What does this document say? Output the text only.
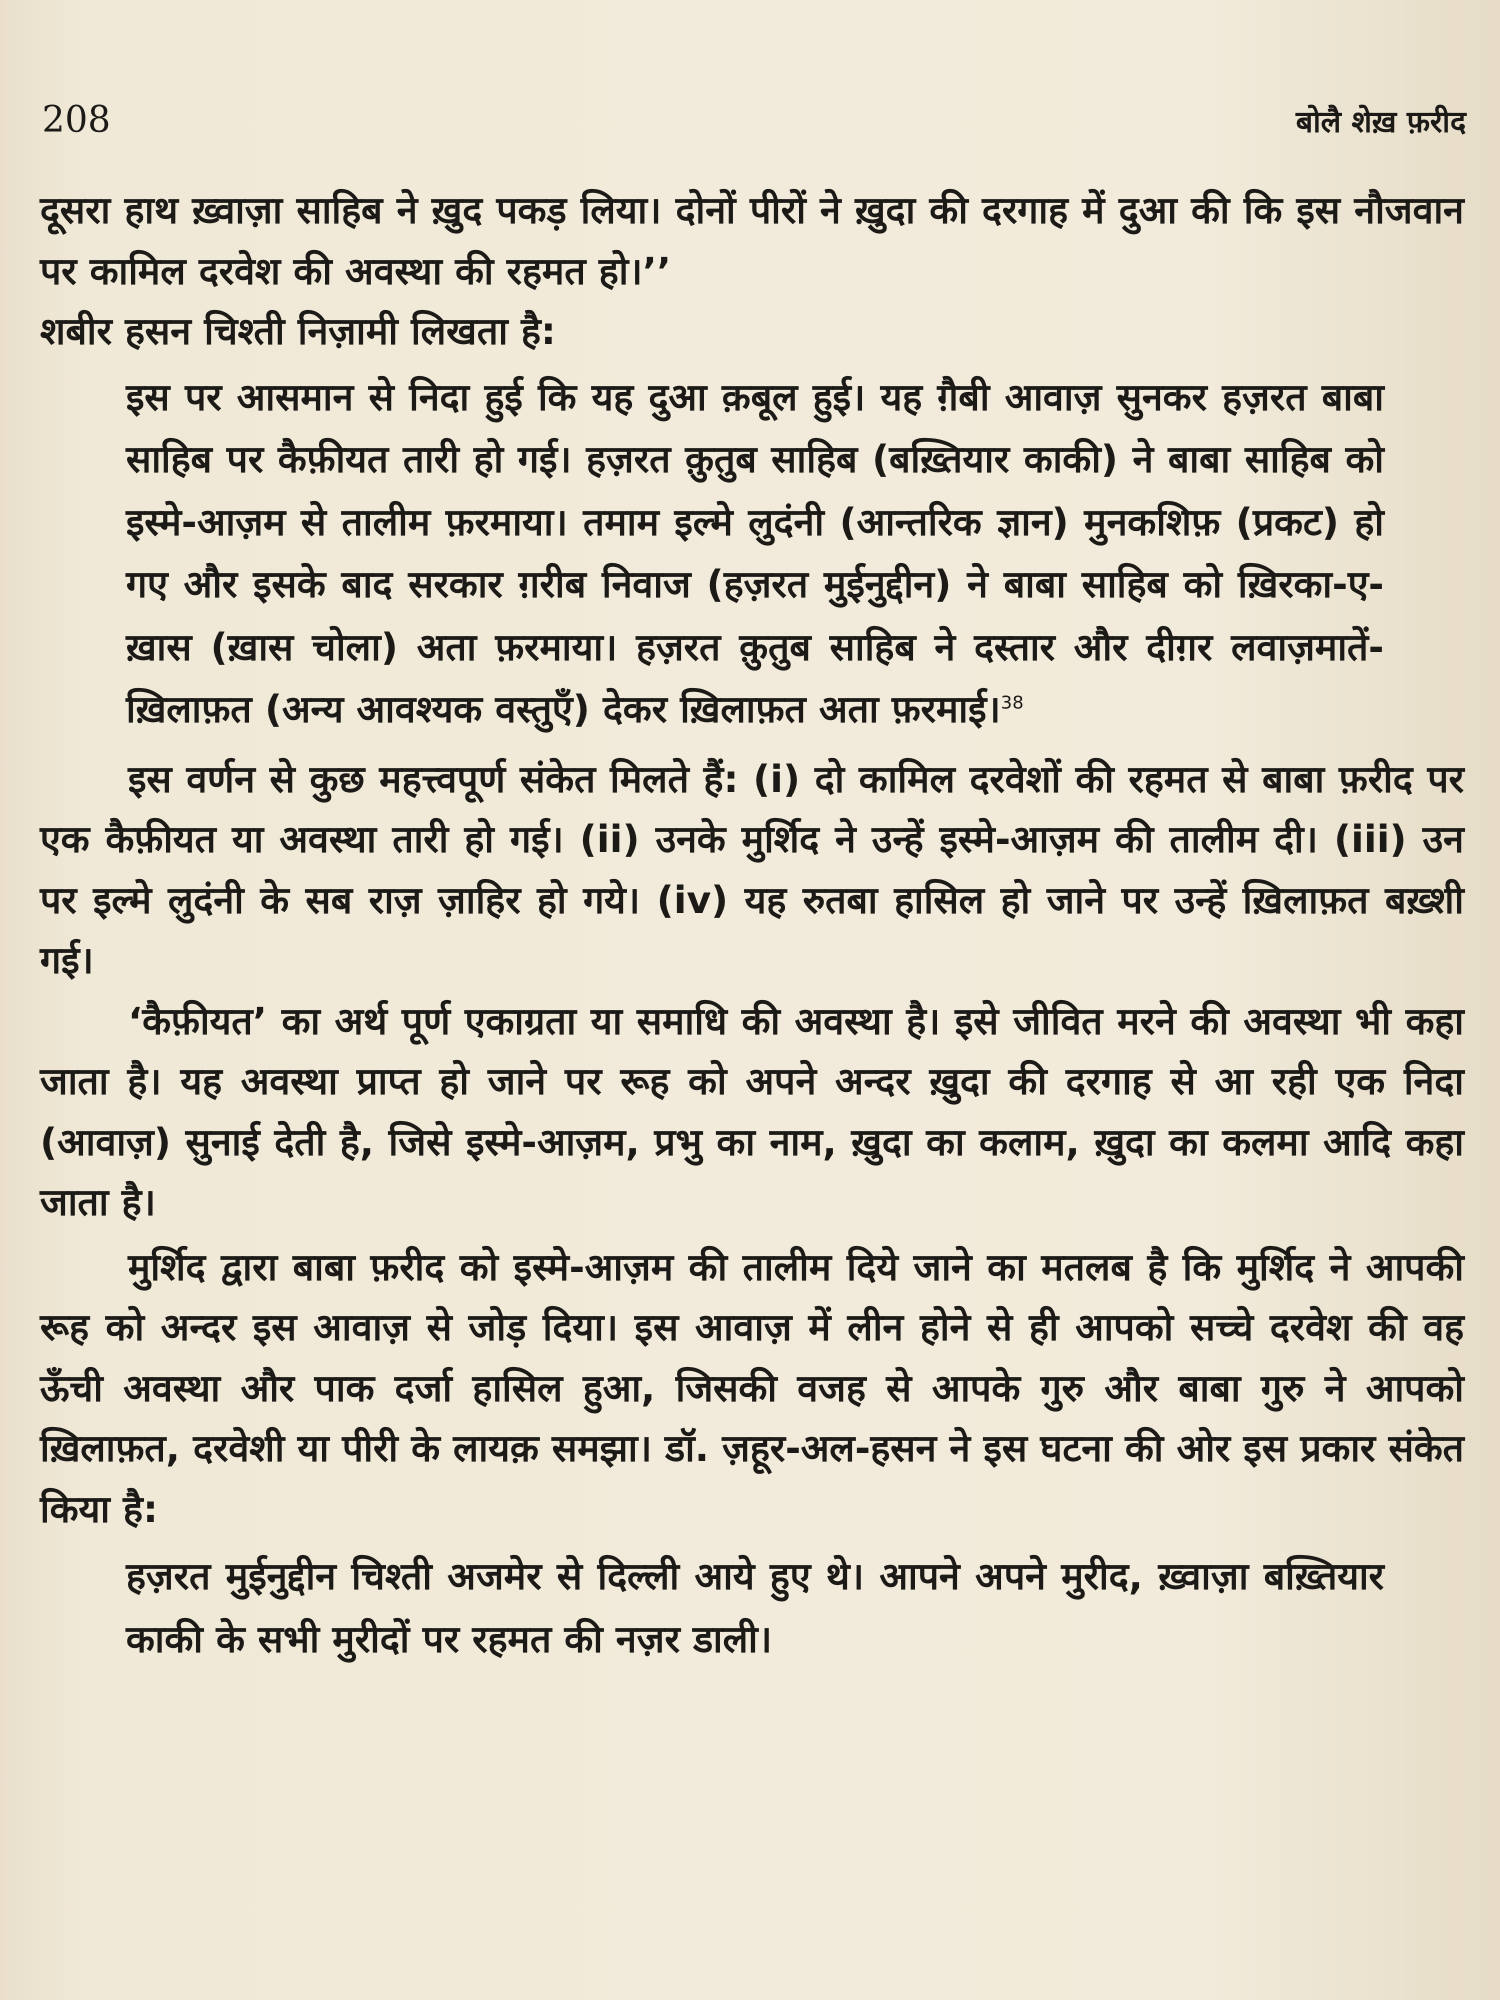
208	बोलै शेख़ फ़रीद

दूसरा हाथ ख़्वाज़ा साहिब ने ख़ुद पकड़ लिया। दोनों पीरों ने ख़ुदा की दरगाह में दुआ की कि इस नौजवान पर कामिल दरवेश की अवस्था की रहमत हो।’’

शबीर हसन चिश्ती निज़ामी लिखता है:

इस पर आसमान से निदा हुई कि यह दुआ क़बूल हुई। यह ग़ैबी आवाज़ सुनकर हज़रत बाबा साहिब पर कैफ़ीयत तारी हो गई। हज़रत क़ुतुब साहिब (बख़्तियार काकी) ने बाबा साहिब को इस्मे-आज़म से तालीम फ़रमाया। तमाम इल्मे लुदंनी (आन्तरिक ज्ञान) मुनकशिफ़ (प्रकट) हो गए और इसके बाद सरकार ग़रीब निवाज (हज़रत मुईनुद्दीन) ने बाबा साहिब को ख़िरका-ए-ख़ास (ख़ास चोला) अता फ़रमाया। हज़रत क़ुतुब साहिब ने दस्तार और दीग़र लवाज़मातें-ख़िलाफ़त (अन्य आवश्यक वस्तुएँ) देकर ख़िलाफ़त अता फ़रमाई।$^{38}$

इस वर्णन से कुछ महत्त्वपूर्ण संकेत मिलते हैं: (i) दो कामिल दरवेशों की रहमत से बाबा फ़रीद पर एक कैफ़ीयत या अवस्था तारी हो गई। (ii) उनके मुर्शिद ने उन्हें इस्मे-आज़म की तालीम दी। (iii) उन पर इल्मे लुदंनी के सब राज़ ज़ाहिर हो गये। (iv) यह रुतबा हासिल हो जाने पर उन्हें ख़िलाफ़त बख़्शी गई।

‘कैफ़ीयत’ का अर्थ पूर्ण एकाग्रता या समाधि की अवस्था है। इसे जीवित मरने की अवस्था भी कहा जाता है। यह अवस्था प्राप्त हो जाने पर रूह को अपने अन्दर ख़ुदा की दरगाह से आ रही एक निदा (आवाज़) सुनाई देती है, जिसे इस्मे-आज़म, प्रभु का नाम, ख़ुदा का कलाम, ख़ुदा का कलमा आदि कहा जाता है।

मुर्शिद द्वारा बाबा फ़रीद को इस्मे-आज़म की तालीम दिये जाने का मतलब है कि मुर्शिद ने आपकी रूह को अन्दर इस आवाज़ से जोड़ दिया। इस आवाज़ में लीन होने से ही आपको सच्चे दरवेश की वह ऊँची अवस्था और पाक दर्जा हासिल हुआ, जिसकी वजह से आपके गुरु और बाबा गुरु ने आपको ख़िलाफ़त, दरवेशी या पीरी के लायक़ समझा। डॉ. ज़हूर-अल-हसन ने इस घटना की ओर इस प्रकार संकेत किया है:

हज़रत मुईनुद्दीन चिश्ती अजमेर से दिल्ली आये हुए थे। आपने अपने मुरीद, ख़्वाज़ा बख़्तियार काकी के सभी मुरीदों पर रहमत की नज़र डाली।
